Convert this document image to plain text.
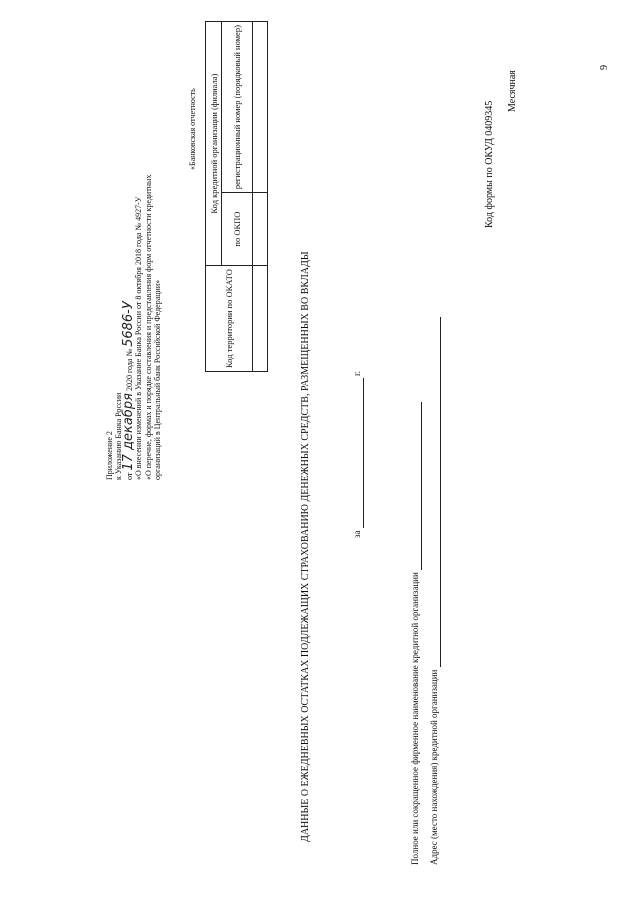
Приложение 2 к Указанию Банка России от 17 декабря 2020 года № 5686-У
«О внесении изменений в Указание Банка России от 8 октября 2018 года № 4927-У «О перечне, формах и порядке составления и представления форм отчетности кредитных организаций в Центральный банк Российской Федерации»
«Банковская отчетность
Код территории по ОКАТО	Код кредитной организации (филиала)	
	по ОКПО	регистрационный номер (порядковый номер)

ДАННЫЕ О ЕЖЕДНЕВНЫХ ОСТАТКАХ ПОДЛЕЖАЩИХ СТРАХОВАНИЮ ДЕНЕЖНЫХ СРЕДСТВ, РАЗМЕЩЕННЫХ ВО ВКЛАДЫ	за   г.
Полное или сокращенное фирменное наименование кредитной организации Адрес (место нахождения) кредитной организации
Код формы по ОКУД 0409345
Месячная
9
